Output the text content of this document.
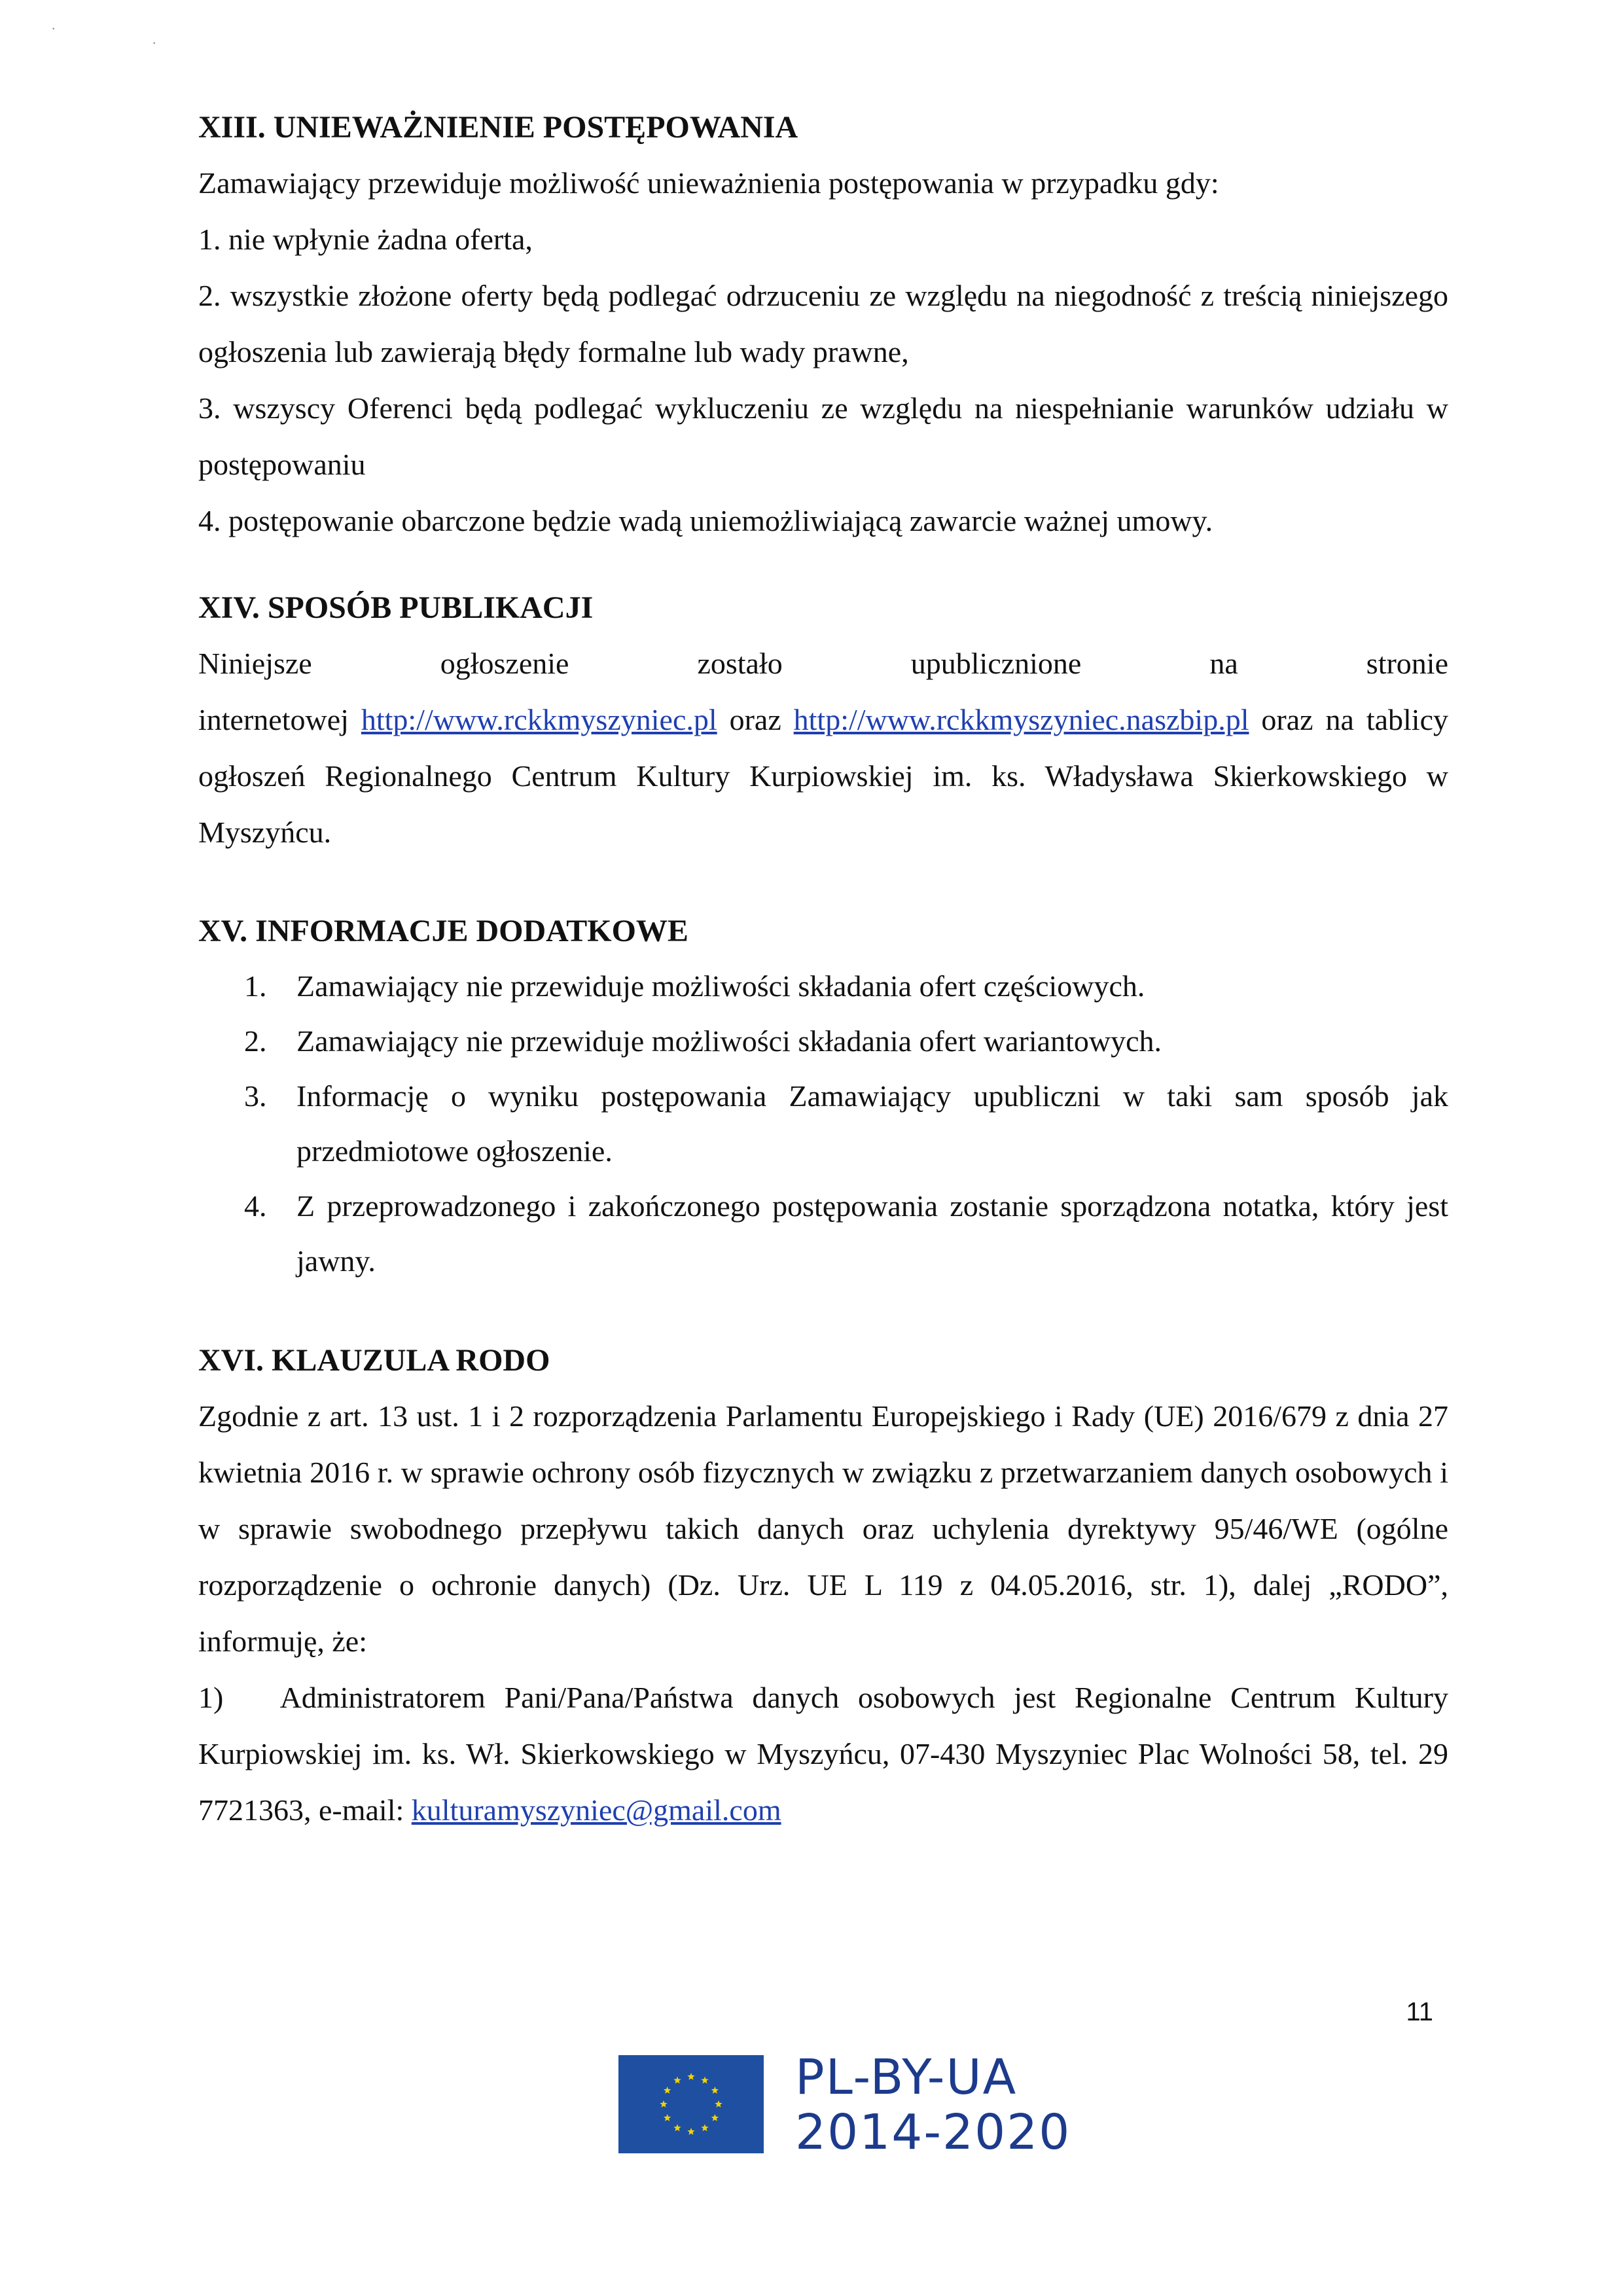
·
·
XIII. UNIEWAŻNIENIE POSTĘPOWANIA

Zamawiający przewiduje możliwość unieważnienia postępowania w przypadku gdy:

1. nie wpłynie żadna oferta,

2. wszystkie złożone oferty będą podlegać odrzuceniu ze względu na niegodność z treścią niniejszego ogłoszenia lub zawierają błędy formalne lub wady prawne,

3. wszyscy Oferenci będą podlegać wykluczeniu ze względu na niespełnianie warunków udziału w postępowaniu

4. postępowanie obarczone będzie wadą uniemożliwiającą zawarcie ważnej umowy.

XIV. SPOSÓB PUBLIKACJI

Niniejsze ogłoszenie zostało upublicznione na stronie

internetowej http://www.rckkmyszyniec.pl oraz http://www.rckkmyszyniec.naszbip.pl oraz na tablicy ogłoszeń Regionalnego Centrum Kultury Kurpiowskiej im. ks. Władysława Skierkowskiego w Myszyńcu.

XV. INFORMACJE DODATKOWE
1. Zamawiający nie przewiduje możliwości składania ofert częściowych.
2. Zamawiający nie przewiduje możliwości składania ofert wariantowych.
3. Informację o wyniku postępowania Zamawiający upubliczni w taki sam sposób jak przedmiotowe ogłoszenie.
4. Z przeprowadzonego i zakończonego postępowania zostanie sporządzona notatka, który jest jawny.
XVI. KLAUZULA RODO

Zgodnie z art. 13 ust. 1 i 2 rozporządzenia Parlamentu Europejskiego i Rady (UE) 2016/679 z dnia 27 kwietnia 2016 r. w sprawie ochrony osób fizycznych w związku z przetwarzaniem danych osobowych i w sprawie swobodnego przepływu takich danych oraz uchylenia dyrektywy 95/46/WE (ogólne rozporządzenie o ochronie danych) (Dz. Urz. UE L 119 z 04.05.2016, str. 1), dalej „RODO”, informuję, że:

1)   Administratorem Pani/Pana/Państwa danych osobowych jest Regionalne Centrum Kultury Kurpiowskiej im. ks. Wł. Skierkowskiego w Myszyńcu, 07-430 Myszyniec Plac Wolności 58, tel. 29 7721363, e-mail: kulturamyszyniec@gmail.com

11
PL-BY-UA
2014-2020
